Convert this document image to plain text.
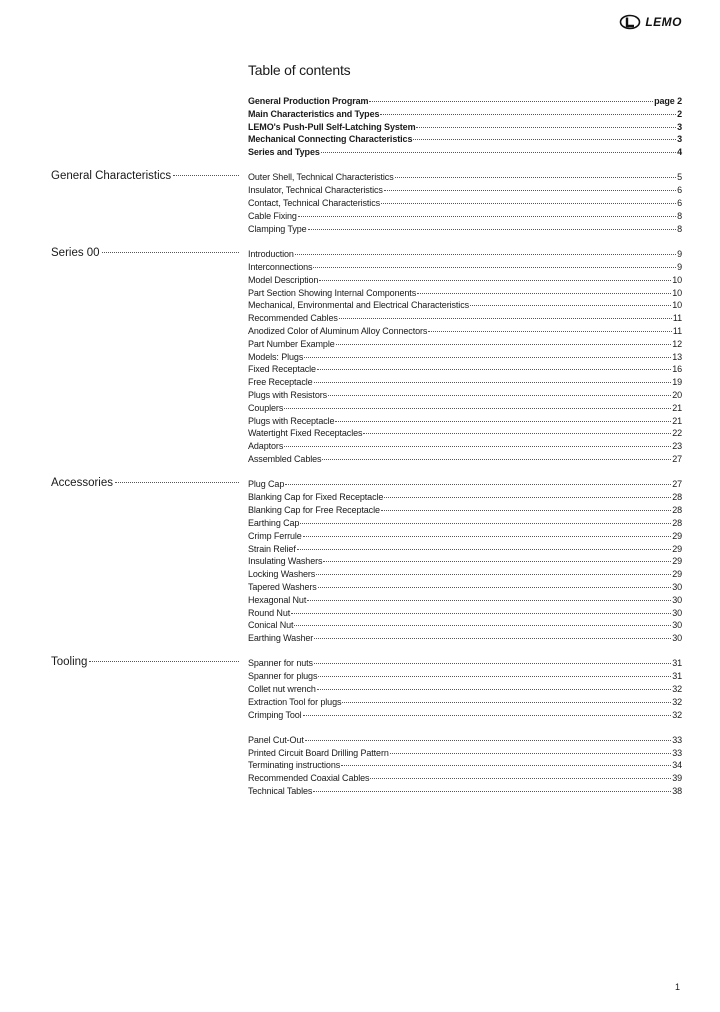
LEMO
Table of contents
General Production Program	page 2
Main Characteristics and Types	2
LEMO's Push-Pull Self-Latching System	3
Mechanical Connecting Characteristics	3
Series and Types	4
General Characteristics	Outer Shell, Technical Characteristics	5
Insulator, Technical Characteristics	6
Contact, Technical Characteristics	6
Cable Fixing	8
Clamping Type	8
Series 00	Introduction	9
Interconnections	9
Model Description	10
Part Section Showing Internal Components	10
Mechanical, Environmental and Electrical Characteristics	10
Recommended Cables	11
Anodized Color of Aluminum Alloy Connectors	11
Part Number Example	12
Models: Plugs	13
Fixed Receptacle	16
Free Receptacle	19
Plugs with Resistors	20
Couplers	21
Plugs with Receptacle	21
Watertight Fixed Receptacles	22
Adaptors	23
Assembled Cables	27
Accessories	Plug Cap	27
Blanking Cap for Fixed Receptacle	28
Blanking Cap for Free Receptacle	28
Earthing Cap	28
Crimp Ferrule	29
Strain Relief	29
Insulating Washers	29
Locking Washers	29
Tapered Washers	30
Hexagonal Nut	30
Round Nut	30
Conical Nut	30
Earthing Washer	30
Tooling	Spanner for nuts	31
Spanner for plugs	31
Collet nut wrench	32
Extraction Tool for plugs	32
Crimping Tool	32
Panel Cut-Out	33
Printed Circuit Board Drilling Pattern	33
Terminating instructions	34
Recommended Coaxial Cables	39
Technical Tables	38
1
